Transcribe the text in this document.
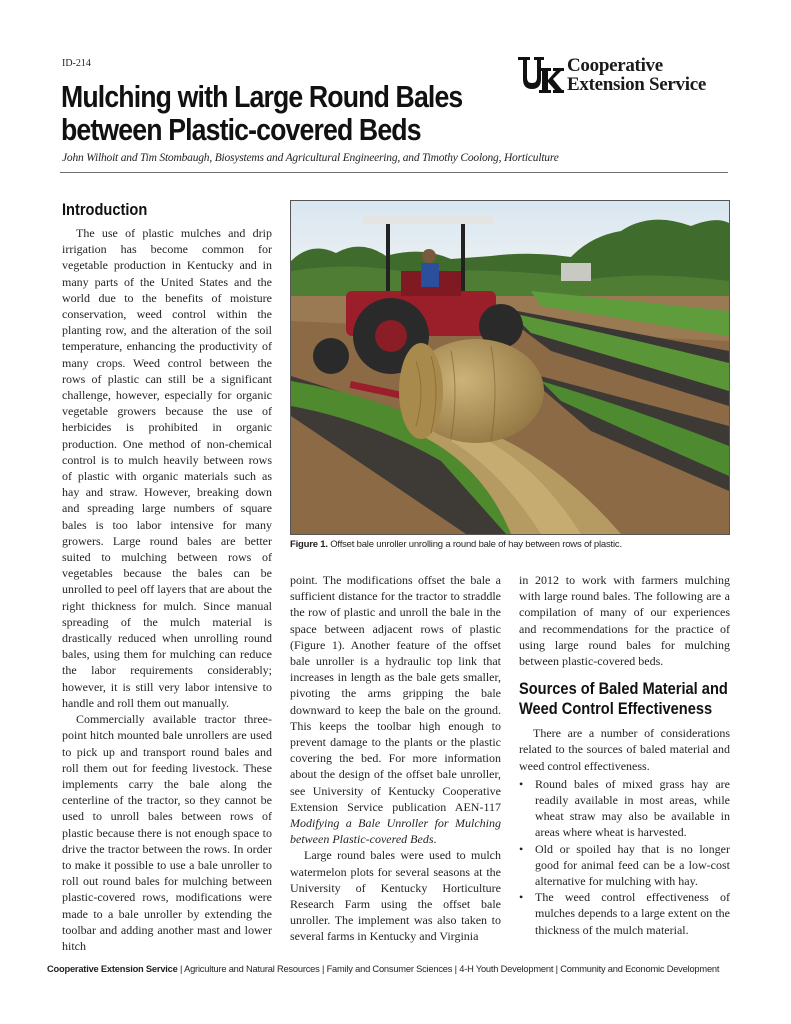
ID-214
Mulching with Large Round Bales
between Plastic-covered Beds
Cooperative
Extension Service
John Wilhoit and Tim Stombaugh, Biosystems and Agricultural Engineering, and Timothy Coolong, Horticulture
Introduction

The use of plastic mulches and drip irrigation has become common for vegetable production in Kentucky and in many parts of the United States and the world due to the benefits of moisture conservation, weed control within the planting row, and the alteration of the soil temperature, enhancing the productivity of many crops. Weed control between the rows of plastic can still be a significant challenge, however, especially for organic vegetable growers because the use of herbicides is prohibited in organic production. One method of non-chemical control is to mulch heavily between rows of plastic with organic materials such as hay and straw. However, breaking down and spreading large numbers of square bales is too labor intensive for many growers. Large round bales are better suited to mulching between rows of vegetables because the bales can be unrolled to peel off layers that are about the right thickness for mulch. Since manual spreading of the mulch material is drastically reduced when unrolling round bales, using them for mulching can reduce the labor requirements considerably; however, it is still very labor intensive to handle and roll them out manually.

Commercially available tractor three-point hitch mounted bale unrollers are used to pick up and transport round bales and roll them out for feeding livestock. These implements carry the bale along the centerline of the tractor, so they cannot be used to unroll bales between rows of plastic because there is not enough space to drive the tractor between the rows. In order to make it possible to use a bale unroller to roll out round bales for mulching between plastic-covered rows, modifications were made to a bale unroller by extending the toolbar and adding another mast and lower hitch

Figure 1. Offset bale unroller unrolling a round bale of hay between rows of plastic.

point. The modifications offset the bale a sufficient distance for the tractor to straddle the row of plastic and unroll the bale in the space between adjacent rows of plastic (Figure 1). Another feature of the offset bale unroller is a hydraulic top link that increases in length as the bale gets smaller, pivoting the arms gripping the bale downward to keep the bale on the ground. This keeps the toolbar high enough to prevent damage to the plants or the plastic covering the bed. For more information about the design of the offset bale unroller, see University of Kentucky Cooperative Extension Service publication AEN-117 Modifying a Bale Unroller for Mulching between Plastic-covered Beds.

Large round bales were used to mulch watermelon plots for several seasons at the University of Kentucky Horticulture Research Farm using the offset bale unroller. The implement was also taken to several farms in Kentucky and Virginia

in 2012 to work with farmers mulching with large round bales. The following are a compilation of many of our experiences and recommendations for the practice of using large round bales for mulching between plastic-covered beds.

Sources of Baled Material and
Weed Control Effectiveness

There are a number of considerations related to the sources of baled material and weed control effectiveness.

• Round bales of mixed grass hay are readily available in most areas, while wheat straw may also be available in areas where wheat is harvested.
• Old or spoiled hay that is no longer good for animal feed can be a low-cost alternative for mulching with hay.
• The weed control effectiveness of mulches depends to a large extent on the thickness of the mulch material.
Cooperative Extension Service | Agriculture and Natural Resources | Family and Consumer Sciences | 4-H Youth Development | Community and Economic Development
